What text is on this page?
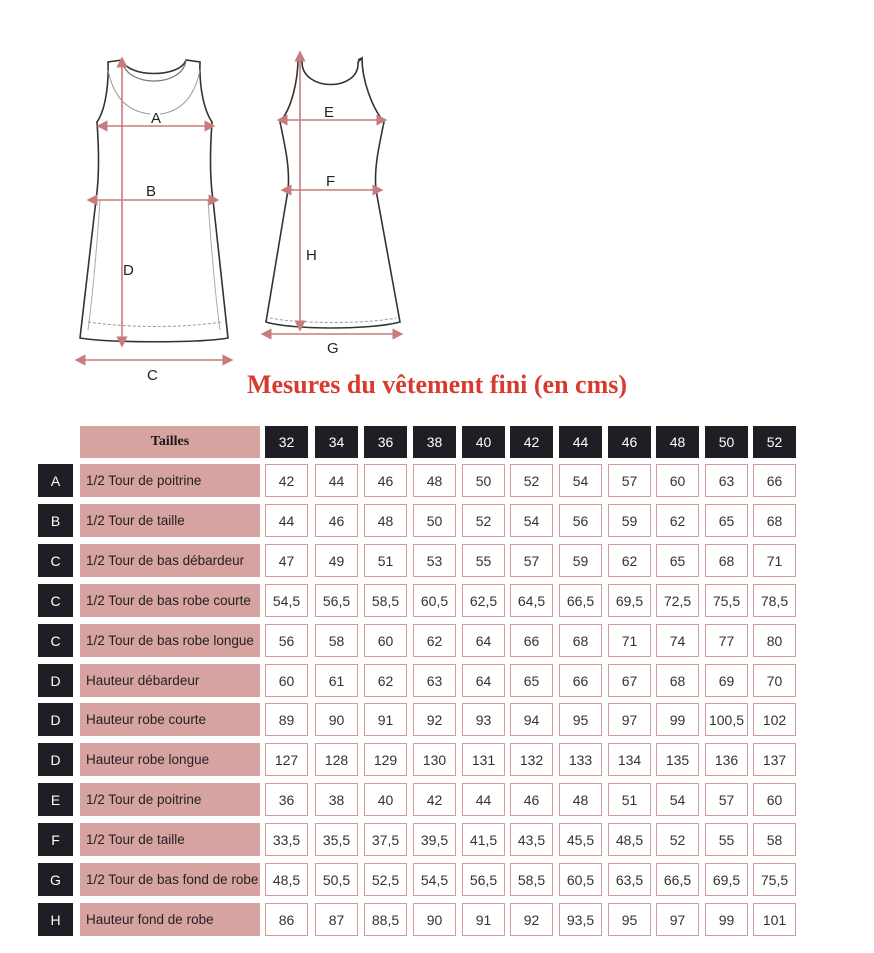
A
B
C
D
E
F
G
H
Mesures du vêtement fini (en cms)
Tailles	32	34	36	38	40	42	44	46	48	50	52
A	1/2 Tour de poitrine	42	44	46	48	50	52	54	57	60	63	66
B	1/2 Tour de taille	44	46	48	50	52	54	56	59	62	65	68
C	1/2 Tour de bas débardeur	47	49	51	53	55	57	59	62	65	68	71
C	1/2 Tour de bas robe courte	54,5	56,5	58,5	60,5	62,5	64,5	66,5	69,5	72,5	75,5	78,5
C	1/2 Tour de bas robe longue	56	58	60	62	64	66	68	71	74	77	80
D	Hauteur débardeur	60	61	62	63	64	65	66	67	68	69	70
D	Hauteur robe courte	89	90	91	92	93	94	95	97	99	100,5	102
D	Hauteur robe longue	127	128	129	130	131	132	133	134	135	136	137
E	1/2 Tour de poitrine	36	38	40	42	44	46	48	51	54	57	60
F	1/2 Tour de taille	33,5	35,5	37,5	39,5	41,5	43,5	45,5	48,5	52	55	58
G	1/2 Tour de bas fond de robe	48,5	50,5	52,5	54,5	56,5	58,5	60,5	63,5	66,5	69,5	75,5
H	Hauteur fond de robe	86	87	88,5	90	91	92	93,5	95	97	99	101
